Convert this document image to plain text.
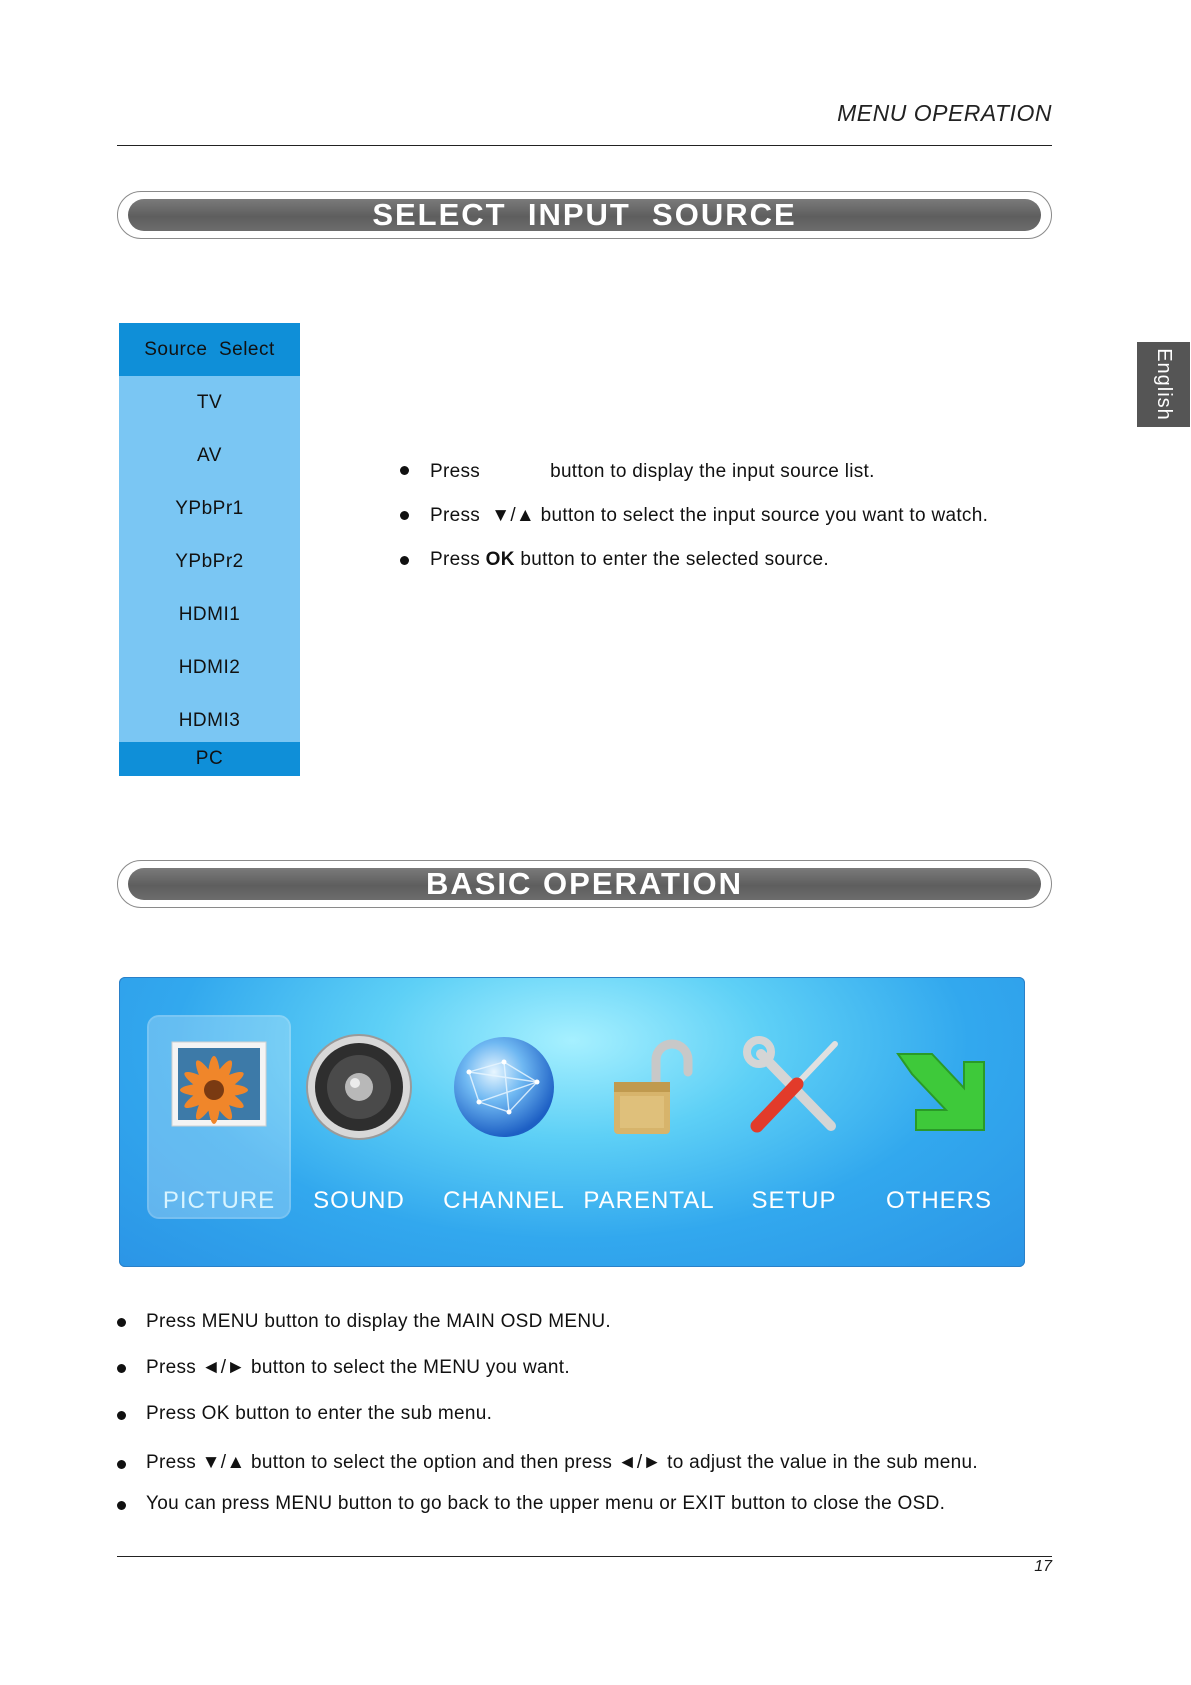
MENU OPERATION
English
SELECT  INPUT  SOURCE
Source  Select
TV
AV
YPbPr1
YPbPr2
HDMI1
HDMI2
HDMI3
PC
Press	button to display the input source list.
Press  ▼/▲ button to select the input source you want to watch.
Press OK button to enter the selected source.
BASIC OPERATION
PICTURE	SOUND	CHANNEL PARENTAL	SETUP	OTHERS
Press MENU button to display the MAIN OSD MENU.
Press ◄/► button to select the MENU you want.
Press OK button to enter the sub menu.
Press ▼/▲ button to select the option and then press ◄/► to adjust the value in the sub menu.
You can press MENU button to go back to the upper menu or EXIT button to close the OSD.
17
